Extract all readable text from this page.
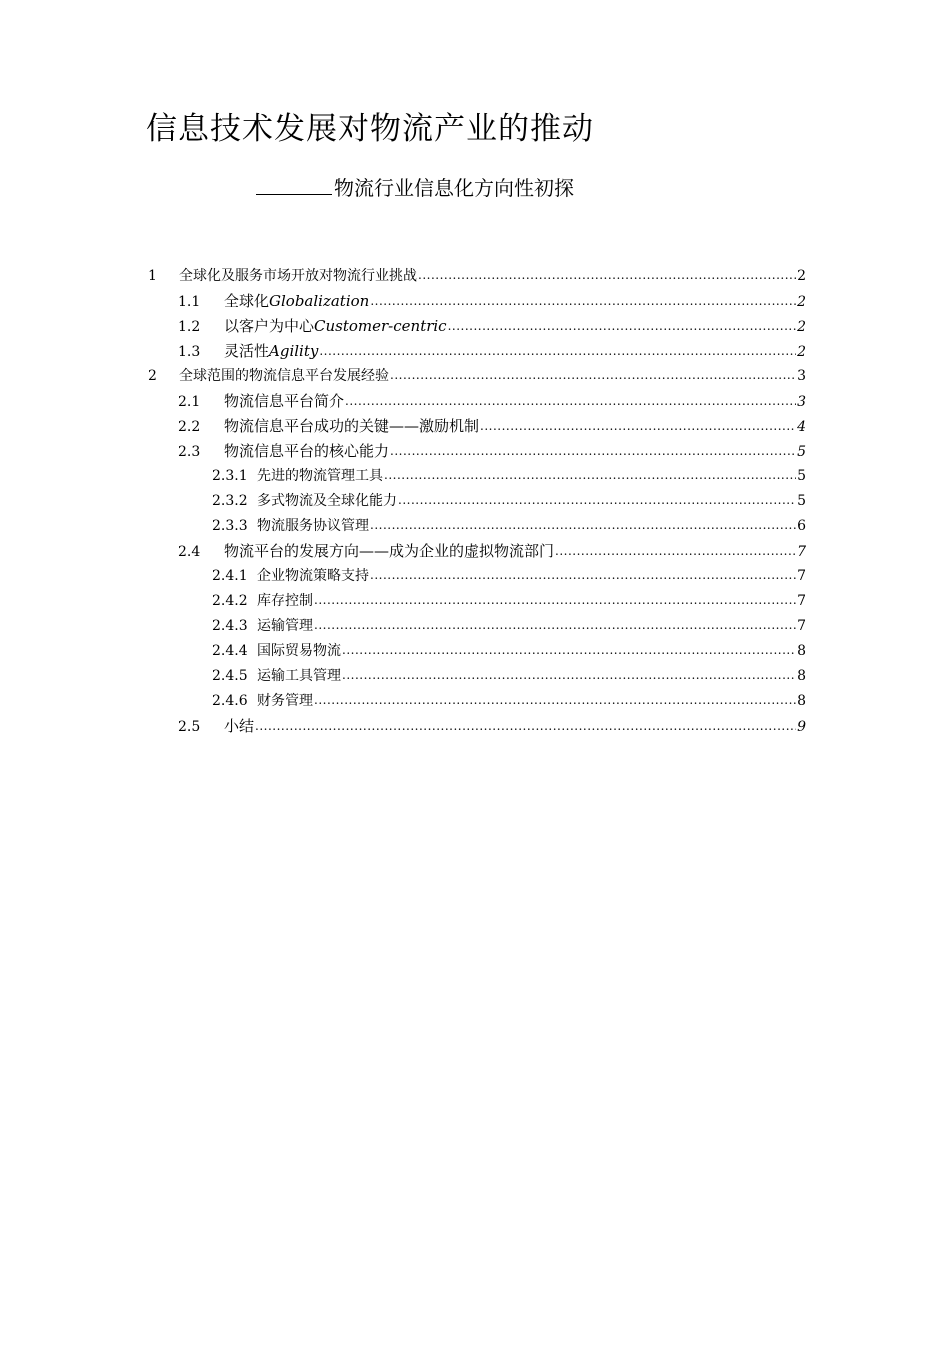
信息技术发展对物流产业的推动
物流行业信息化方向性初探
1	全球化及服务市场开放对物流行业挑战 .....	2
1.1	全球化Globalization .....	2
1.2	以客户为中心Customer-centric .....	2
1.3	灵活性Agility .....	2
2	全球范围的物流信息平台发展经验 .....	3
2.1	物流信息平台简介 .....	3
2.2	物流信息平台成功的关键——激励机制 .....	4
2.3	物流信息平台的核心能力 .....	5
2.3.1 先进的物流管理工具 .....	5
2.3.2 多式物流及全球化能力 .....	5
2.3.3 物流服务协议管理 .....	6
2.4	物流平台的发展方向——成为企业的虚拟物流部门 .....	7
2.4.1 企业物流策略支持 .....	7
2.4.2 库存控制 .....	7
2.4.3 运输管理 .....	7
2.4.4 国际贸易物流 .....	8
2.4.5 运输工具管理 .....	8
2.4.6 财务管理 .....	8
2.5	小结 .....	9
